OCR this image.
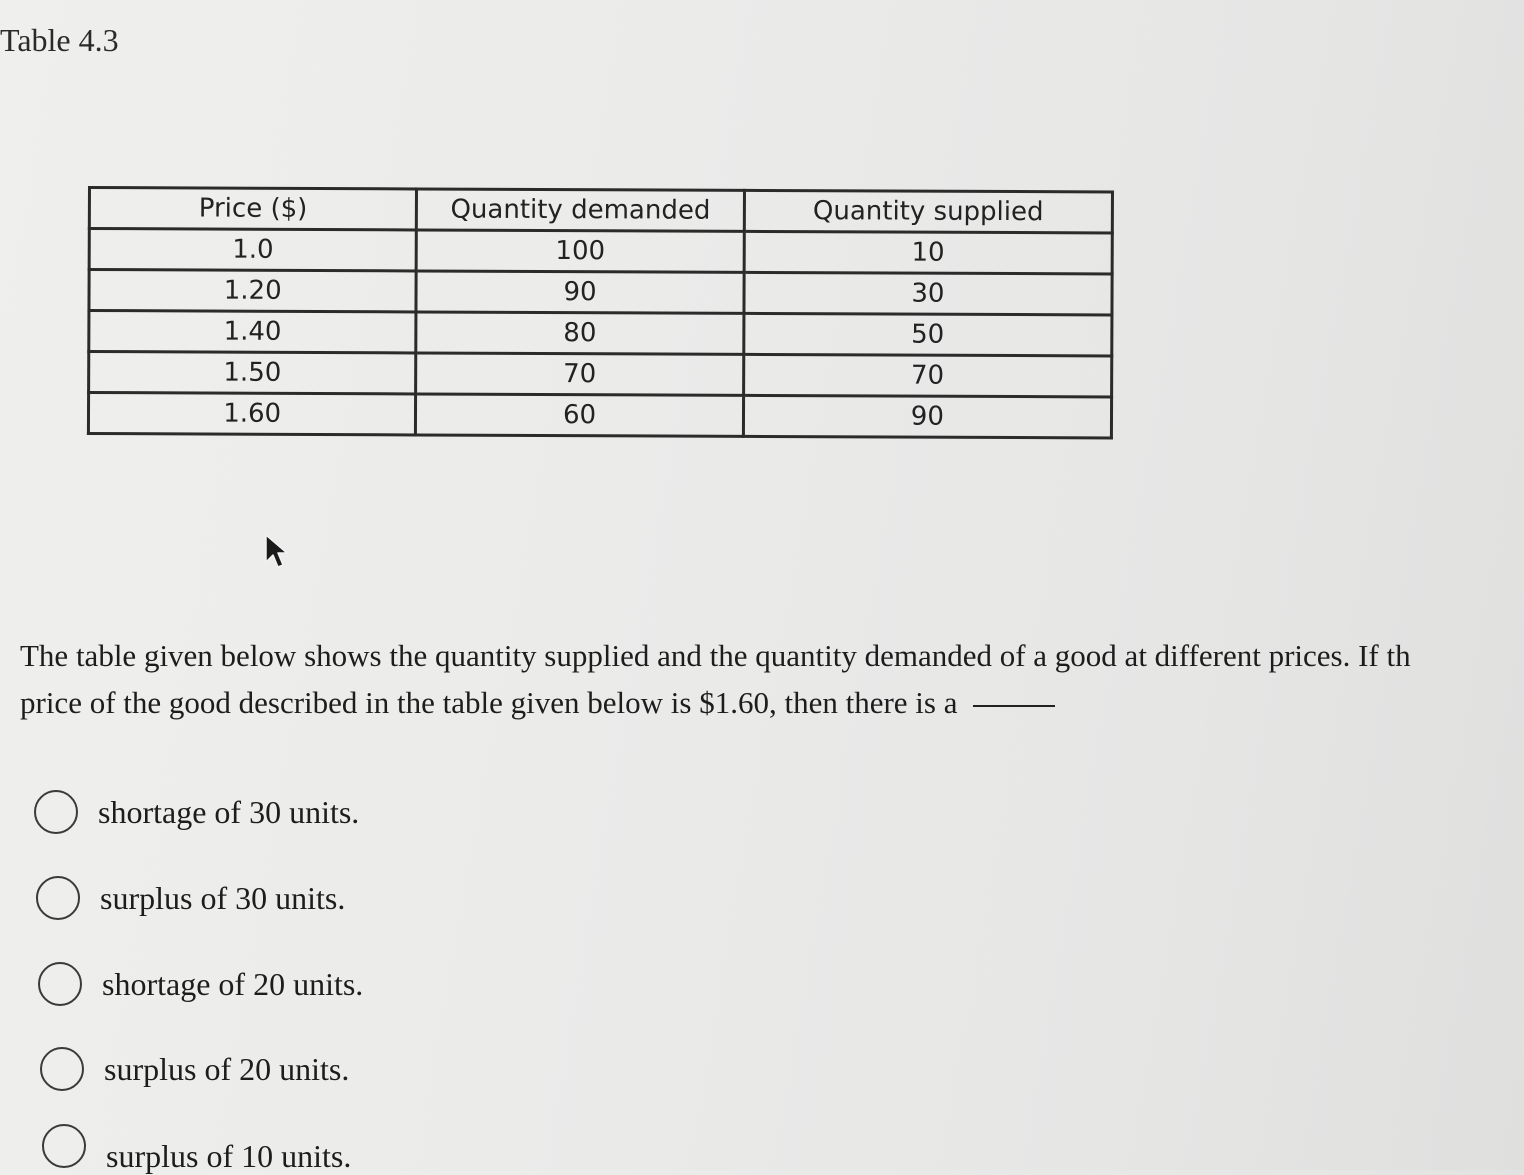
Table 4.3
Price ($)	Quantity demanded	Quantity supplied
1.0	100	10
1.20	90	30
1.40	80	50
1.50	70	70
1.60	60	90
The table given below shows the quantity supplied and the quantity demanded of a good at different prices. If th
price of the good described in the table given below is $1.60, then there is a
shortage of 30 units.
surplus of 30 units.
shortage of 20 units.
surplus of 20 units.
surplus of 10 units.
